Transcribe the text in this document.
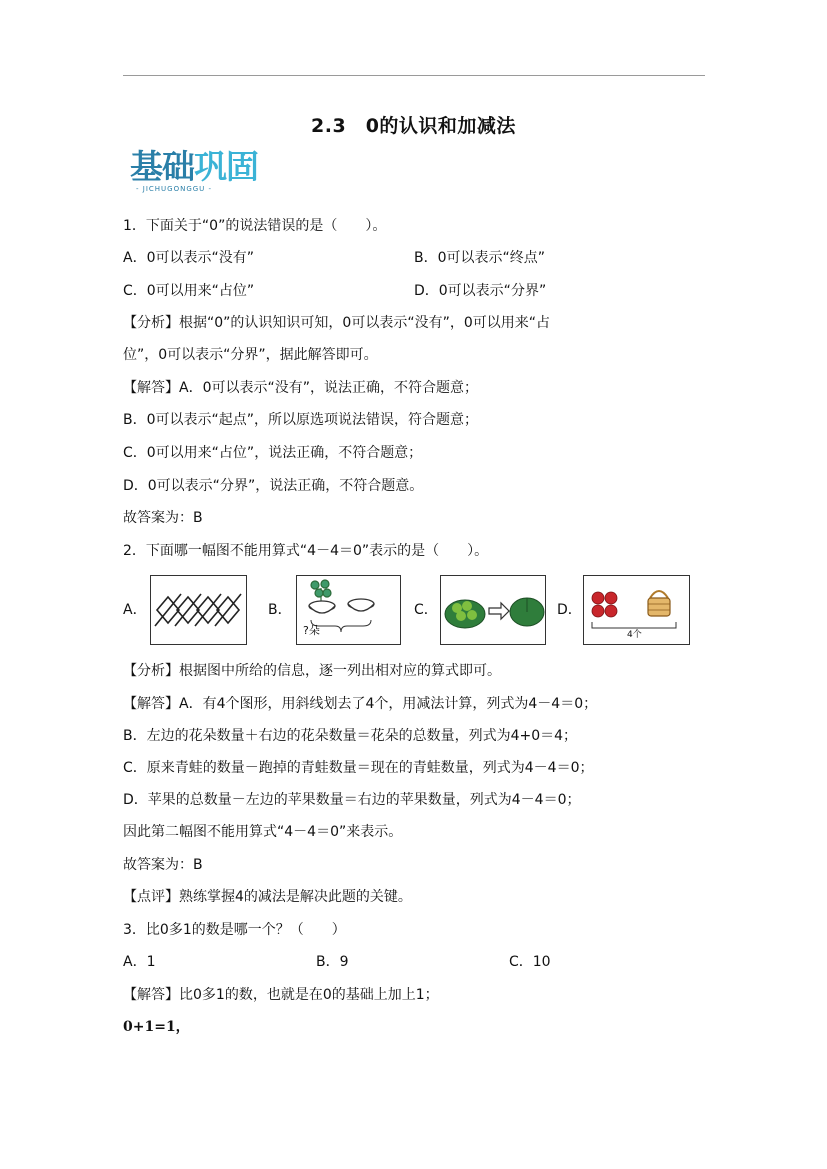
2.3　0的认识和加减法
基础巩固
- JICHUGONGGU -
1．下面关于“0”的说法错误的是（　　）。
A．0可以表示“没有”	B．0可以表示“终点”
C．0可以用来“占位”	D．0可以表示“分界”
【分析】根据“0”的认识知识可知，0可以表示“没有”，0可以用来“占
位”，0可以表示“分界”，据此解答即可。
【解答】A．0可以表示“没有”，说法正确，不符合题意；
B．0可以表示“起点”，所以原选项说法错误，符合题意；
C．0可以用来“占位”，说法正确，不符合题意；
D．0可以表示“分界”，说法正确，不符合题意。
故答案为：B
2．下面哪一幅图不能用算式“4－4＝0”表示的是（　　）。
A．	B．
?朵
C．	D．
4个
【分析】根据图中所给的信息，逐一列出相对应的算式即可。
【解答】A．有4个图形，用斜线划去了4个，用减法计算，列式为4－4＝0；
B．左边的花朵数量＋右边的花朵数量＝花朵的总数量，列式为4+0＝4；
C．原来青蛙的数量－跑掉的青蛙数量＝现在的青蛙数量，列式为4－4＝0；
D．苹果的总数量－左边的苹果数量＝右边的苹果数量，列式为4－4＝0；
因此第二幅图不能用算式“4－4＝0”来表示。
故答案为：B
【点评】熟练掌握4的减法是解决此题的关键。
3．比0多1的数是哪一个？（　　）
A．1	B．9	C．10
【解答】比0多1的数，也就是在0的基础上加上1；
0+1=1，
